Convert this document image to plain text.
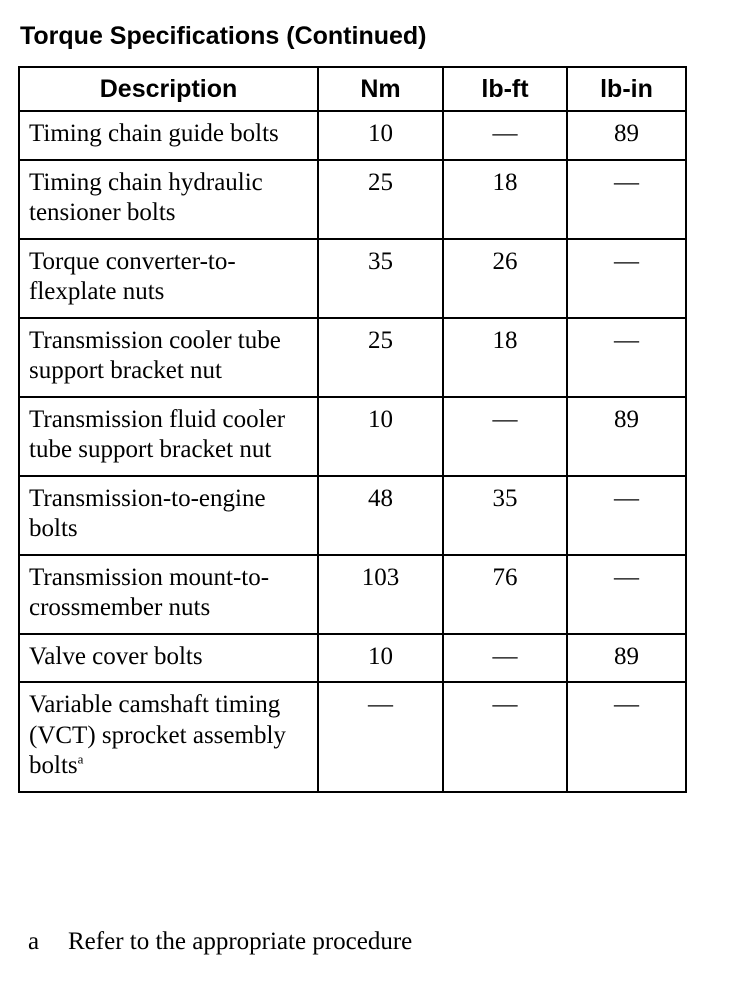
Torque Specifications (Continued)
Description	Nm	lb-ft	lb-in
Timing chain guide bolts	10	—	89
Timing chain hydraulic tensioner bolts	25	18	—
Torque converter-to-flexplate nuts	35	26	—
Transmission cooler tube support bracket nut	25	18	—
Transmission fluid cooler tube support bracket nut	10	—	89
Transmission-to-engine bolts	48	35	—
Transmission mount-to-crossmember nuts	103	76	—
Valve cover bolts	10	—	89
Variable camshaft timing (VCT) sprocket assembly bolts$^a$	—	—	—
a Refer to the appropriate procedure
